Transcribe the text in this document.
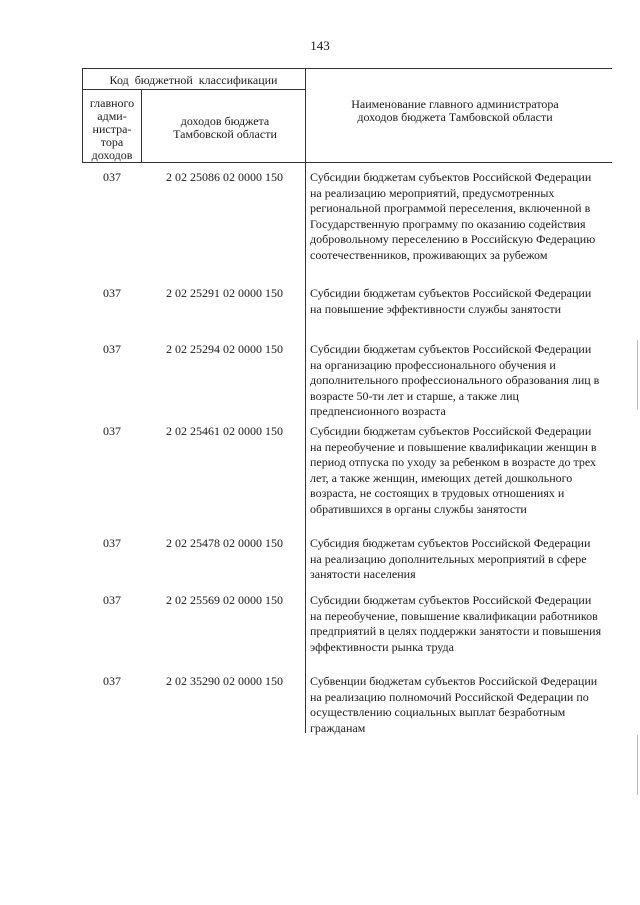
143
Код  бюджетной  классификации
главного адми-нистра-тора доходов
доходов бюджета Тамбовской области
Наименование главного администратора доходов бюджета Тамбовской области
037	2 02 25086 02 0000 150	Субсидии бюджетам субъектов Российской Федерации на реализацию мероприятий, предусмотренных региональной программой переселения, включенной в Государственную программу по оказанию содействия добровольному переселению в Российскую Федерацию соотечественников, проживающих за рубежом
037	2 02 25291 02 0000 150	Субсидии бюджетам субъектов Российской Федерации на повышение эффективности службы занятости
037	2 02 25294 02 0000 150	Субсидии бюджетам субъектов Российской Федерации на организацию профессионального обучения и дополнительного профессионального образования лиц в возрасте 50-ти лет и старше, а также лиц предпенсионного возраста
037	2 02 25461 02 0000 150	Субсидии бюджетам субъектов Российской Федерации на переобучение и повышение квалификации женщин в период отпуска по уходу за ребенком в возрасте до трех лет, а также женщин, имеющих детей дошкольного возраста, не состоящих в трудовых отношениях и обратившихся в органы службы занятости
037	2 02 25478 02 0000 150	Субсидия бюджетам субъектов Российской Федерации на реализацию дополнительных мероприятий в сфере занятости населения
037	2 02 25569 02 0000 150	Субсидии бюджетам субъектов Российской Федерации на переобучение, повышение квалификации работников предприятий в целях поддержки занятости и повышения эффективности рынка труда
037	2 02 35290 02 0000 150	Субвенции бюджетам субъектов Российской Федерации на реализацию полномочий Российской Федерации по осуществлению социальных выплат безработным гражданам
